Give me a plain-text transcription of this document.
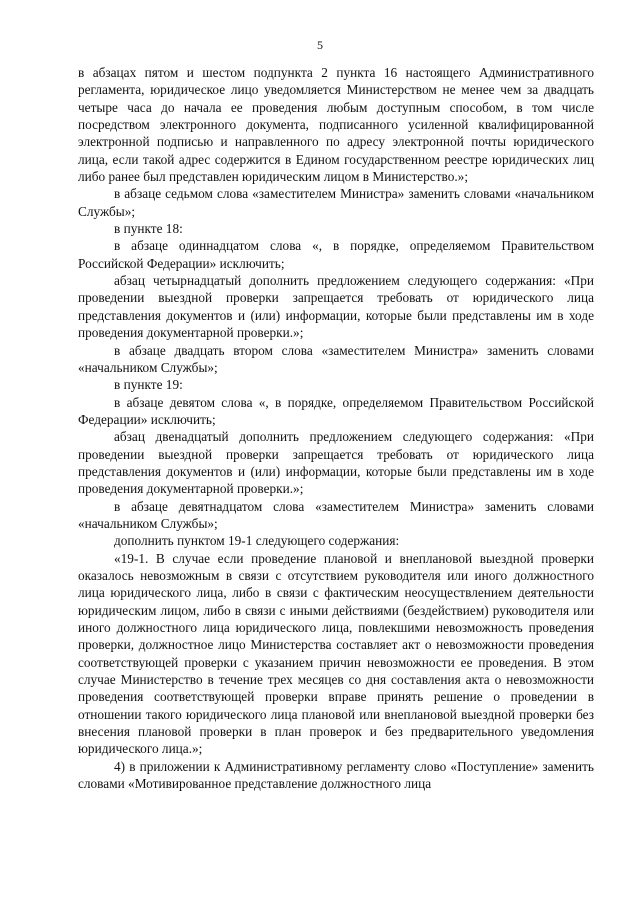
5

в абзацах пятом и шестом подпункта 2 пункта 16 настоящего Административного регламента, юридическое лицо уведомляется Министерством не менее чем за двадцать четыре часа до начала ее проведения любым доступным способом, в том числе посредством электронного документа, подписанного усиленной квалифицированной электронной подписью и направленного по адресу электронной почты юридического лица, если такой адрес содержится в Едином государственном реестре юридических лиц либо ранее был представлен юридическим лицом в Министерство.»;

в абзаце седьмом слова «заместителем Министра» заменить словами «начальником Службы»;

в пункте 18:

в абзаце одиннадцатом слова «, в порядке, определяемом Правительством Российской Федерации» исключить;

абзац четырнадцатый дополнить предложением следующего содержания: «При проведении выездной проверки запрещается требовать от юридического лица представления документов и (или) информации, которые были представлены им в ходе проведения документарной проверки.»;

в абзаце двадцать втором слова «заместителем Министра» заменить словами «начальником Службы»;

в пункте 19:

в абзаце девятом слова «, в порядке, определяемом Правительством Российской Федерации» исключить;

абзац двенадцатый дополнить предложением следующего содержания: «При проведении выездной проверки запрещается требовать от юридического лица представления документов и (или) информации, которые были представлены им в ходе проведения документарной проверки.»;

в абзаце девятнадцатом слова «заместителем Министра» заменить словами «начальником Службы»;

дополнить пунктом 19-1 следующего содержания:

«19-1. В случае если проведение плановой и внеплановой выездной проверки оказалось невозможным в связи с отсутствием руководителя или иного должностного лица юридического лица, либо в связи с фактическим неосуществлением деятельности юридическим лицом, либо в связи с иными действиями (бездействием) руководителя или иного должностного лица юридического лица, повлекшими невозможность проведения проверки, должностное лицо Министерства составляет акт о невозможности проведения соответствующей проверки с указанием причин невозможности ее проведения. В этом случае Министерство в течение трех месяцев со дня составления акта о невозможности проведения соответствующей проверки вправе принять решение о проведении в отношении такого юридического лица плановой или внеплановой выездной проверки без внесения плановой проверки в план проверок и без предварительного уведомления юридического лица.»;

4) в приложении к Административному регламенту слово «Поступление» заменить словами «Мотивированное представление должностного лица
